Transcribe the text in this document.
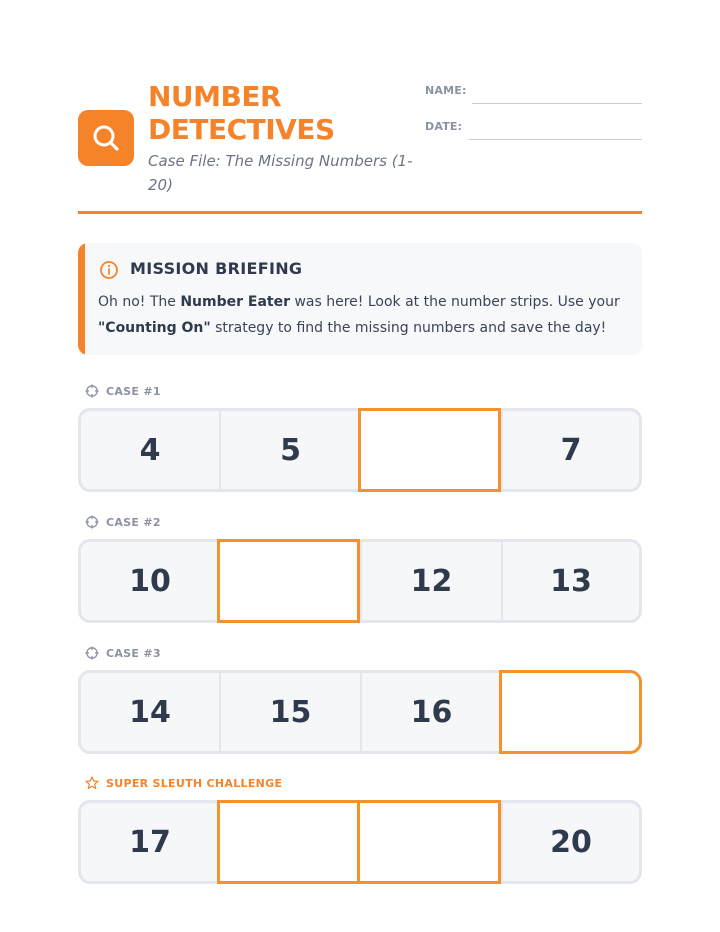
NUMBER
DETECTIVES
Case File: The Missing Numbers (1-20)
NAME:
DATE:
MISSION BRIEFING
Oh no! The Number Eater was here! Look at the number strips. Use your "Counting On" strategy to find the missing numbers and save the day!
CASE #1
4	5	7
CASE #2
10	12	13
CASE #3
14	15	16
SUPER SLEUTH CHALLENGE
17	20
